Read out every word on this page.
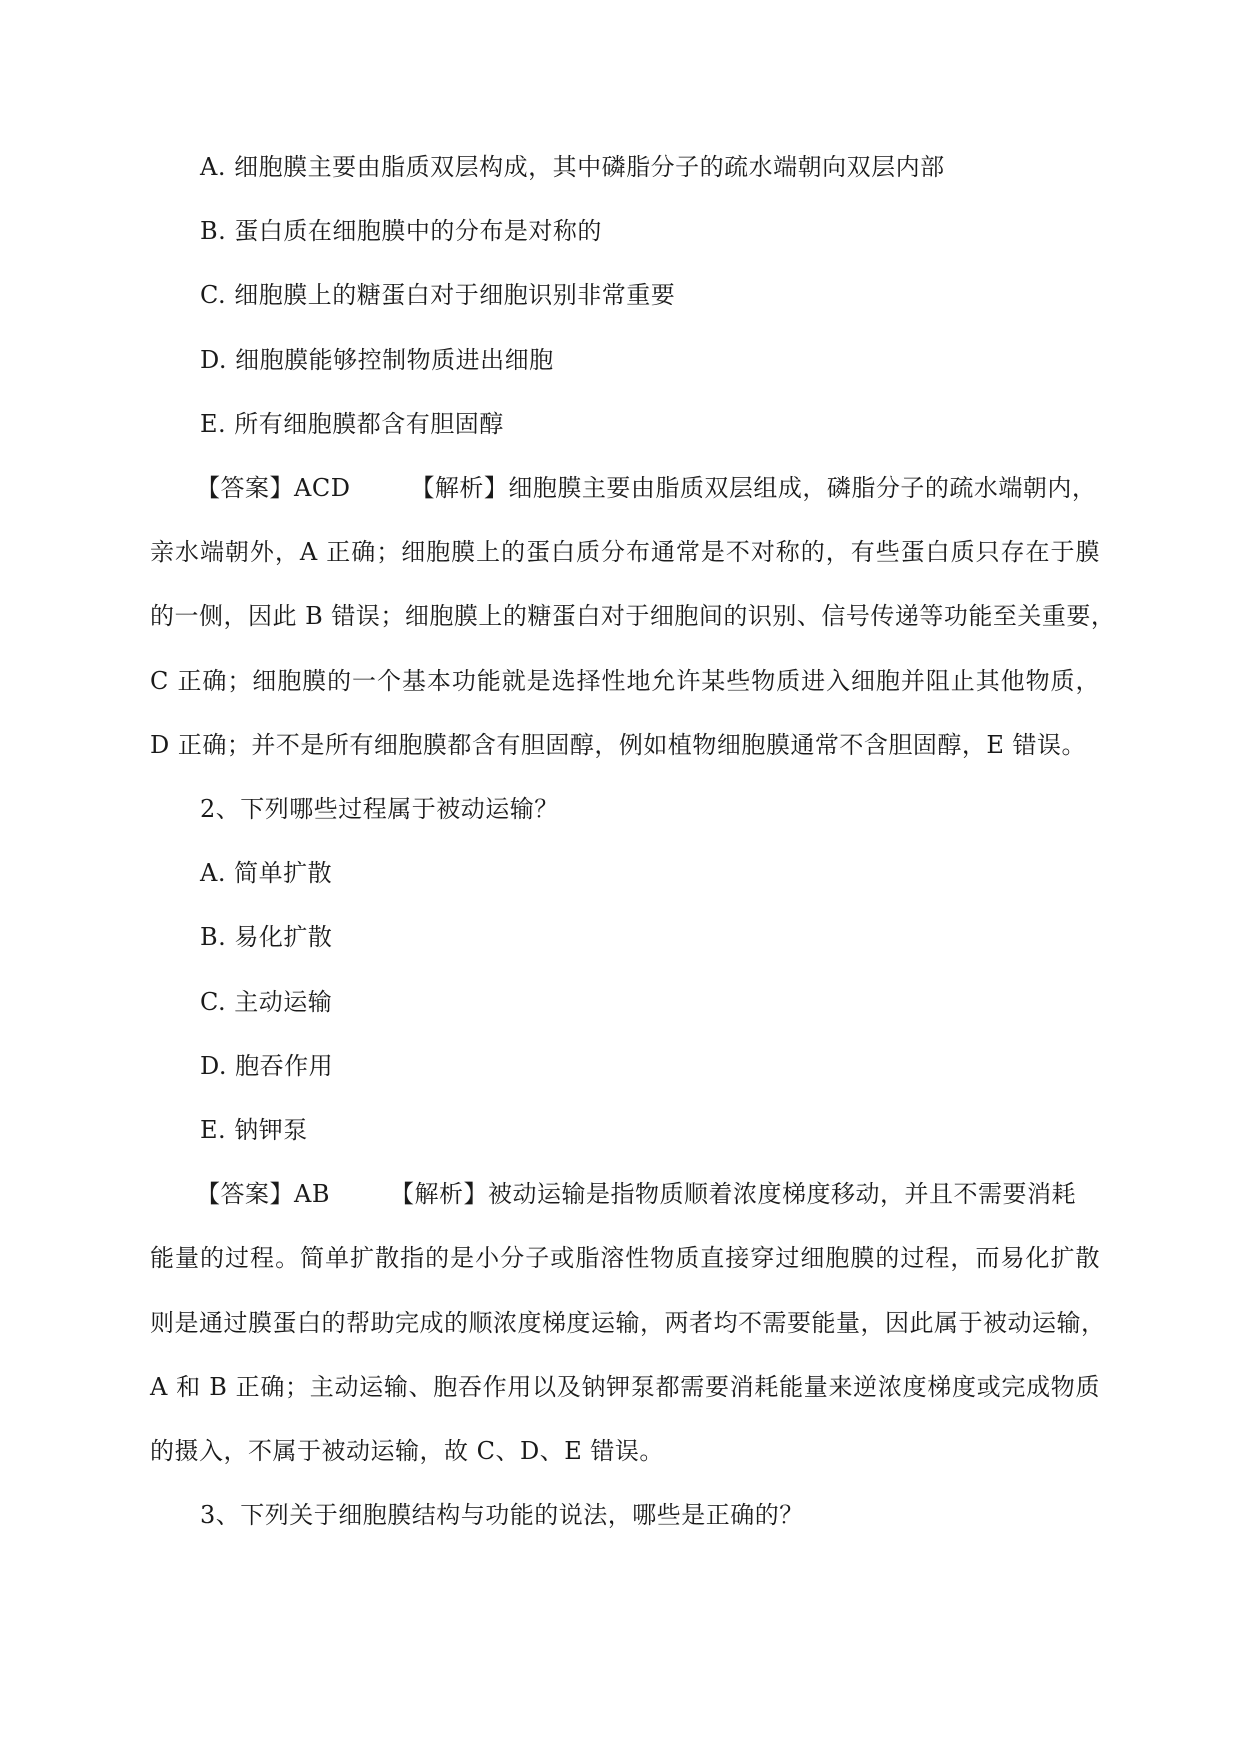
A. 细胞膜主要由脂质双层构成，其中磷脂分子的疏水端朝向双层内部
B. 蛋白质在细胞膜中的分布是对称的
C. 细胞膜上的糖蛋白对于细胞识别非常重要
D. 细胞膜能够控制物质进出细胞
E. 所有细胞膜都含有胆固醇
【答案】ACD	【解析】细胞膜主要由脂质双层组成，磷脂分子的疏水端朝内，
亲水端朝外，A 正确；细胞膜上的蛋白质分布通常是不对称的，有些蛋白质只存在于膜
的一侧，因此 B 错误；细胞膜上的糖蛋白对于细胞间的识别、信号传递等功能至关重要，
C 正确；细胞膜的一个基本功能就是选择性地允许某些物质进入细胞并阻止其他物质，
D 正确；并不是所有细胞膜都含有胆固醇，例如植物细胞膜通常不含胆固醇，E 错误。
2、下列哪些过程属于被动运输？
A. 简单扩散
B. 易化扩散
C. 主动运输
D. 胞吞作用
E. 钠钾泵
【答案】AB	【解析】被动运输是指物质顺着浓度梯度移动，并且不需要消耗
能量的过程。简单扩散指的是小分子或脂溶性物质直接穿过细胞膜的过程，而易化扩散
则是通过膜蛋白的帮助完成的顺浓度梯度运输，两者均不需要能量，因此属于被动运输，
A 和 B 正确；主动运输、胞吞作用以及钠钾泵都需要消耗能量来逆浓度梯度或完成物质
的摄入，不属于被动运输，故 C、D、E 错误。
3、下列关于细胞膜结构与功能的说法，哪些是正确的？
